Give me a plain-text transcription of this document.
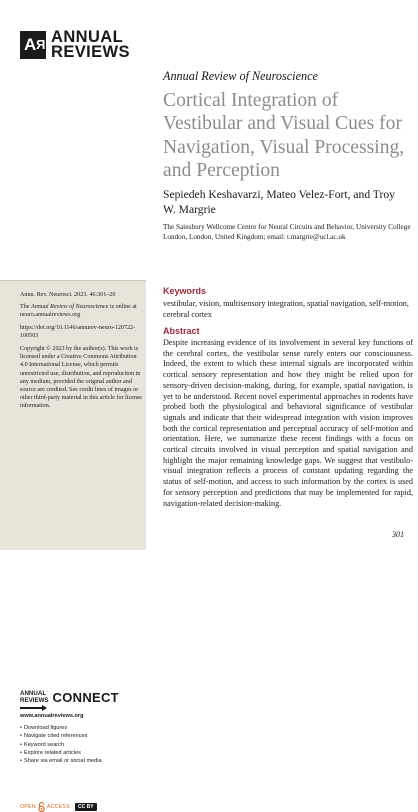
A R ANNUAL
REVIEWS
Annual Review of Neuroscience
Cortical Integration of Vestibular and Visual Cues for Navigation, Visual Processing, and Perception
Sepiedeh Keshavarzi, Mateo Velez-Fort, and Troy W. Margrie
The Sainsbury Wellcome Centre for Neural Circuits and Behavior, University College London, London, United Kingdom; email: t.margrie@ucl.ac.uk
Annu. Rev. Neurosci. 2023. 46:301–20
The Annual Review of Neuroscience is online at neuro.annualreviews.org
https://doi.org/10.1146/annurev-neuro-120722-100503
Copyright © 2023 by the author(s). This work is licensed under a Creative Commons Attribution 4.0 International License, which permits unrestricted use, distribution, and reproduction in any medium, provided the original author and source are credited. See credit lines of images or other third-party material in this article for license information.
ANNUAL
REVIEWS CONNECT
www.annualreviews.org
• Download figures
• Navigate cited references
• Keyword search
• Explore related articles
• Share via email or social media
OPEN ACCESS	CC BY
Keywords
vestibular, vision, multisensory integration, spatial navigation, self-motion, cerebral cortex
Abstract

Despite increasing evidence of its involvement in several key functions of the cerebral cortex, the vestibular sense rarely enters our consciousness. Indeed, the extent to which these internal signals are incorporated within cortical sensory representation and how they might be relied upon for sensory-driven decision-making, during, for example, spatial navigation, is yet to be understood. Recent novel experimental approaches in rodents have probed both the physiological and behavioral significance of vestibular signals and indicate that their widespread integration with vision improves both the cortical representation and perceptual accuracy of self-motion and orientation. Here, we summarize these recent findings with a focus on cortical circuits involved in visual perception and spatial navigation and highlight the major remaining knowledge gaps. We suggest that vestibulo-visual integration reflects a process of constant updating regarding the status of self-motion, and access to such information by the cortex is used for sensory perception and predictions that may be implemented for rapid, navigation-related decision-making.

301
